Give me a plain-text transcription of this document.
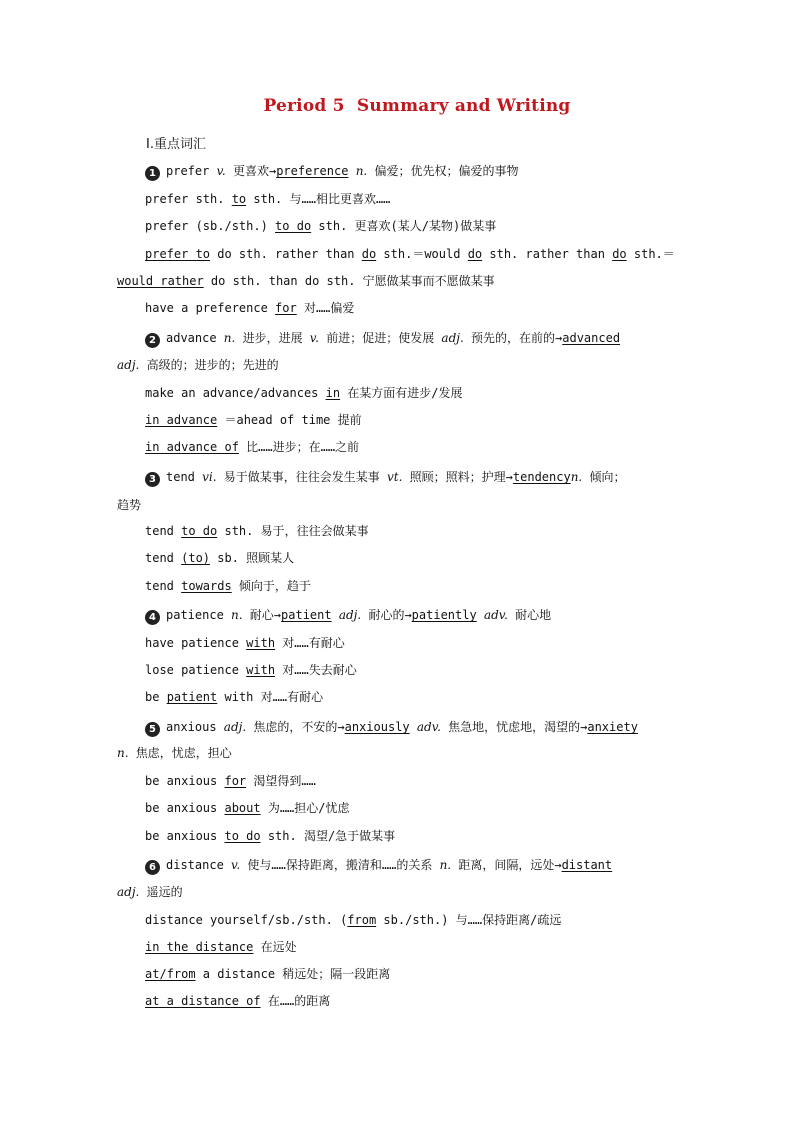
Period 5  Summary and Writing
Ⅰ.重点词汇
1 prefer v. 更喜欢→preference n. 偏爱；优先权；偏爱的事物
prefer sth. to sth. 与……相比更喜欢……
prefer (sb./sth.) to do sth. 更喜欢(某人/某物)做某事
prefer to do sth. rather than do sth.＝would do sth. rather than do sth.＝
would rather do sth. than do sth. 宁愿做某事而不愿做某事
have a preference for 对……偏爱
2 advance n. 进步，进展 v. 前进；促进；使发展 adj. 预先的，在前的→advanced
adj. 高级的；进步的；先进的
make an advance/advances in 在某方面有进步/发展
in advance ＝ahead of time 提前
in advance of 比……进步；在……之前
3 tend vi. 易于做某事，往往会发生某事 vt. 照顾；照料；护理→tendencyn. 倾向；
趋势
tend to do sth. 易于，往往会做某事
tend (to) sb. 照顾某人
tend towards 倾向于，趋于
4 patience n. 耐心→patient adj. 耐心的→patiently adv. 耐心地
have patience with 对……有耐心
lose patience with 对……失去耐心
be patient with 对……有耐心
5 anxious adj. 焦虑的，不安的→anxiously adv. 焦急地，忧虑地，渴望的→anxiety
n. 焦虑，忧虑，担心
be anxious for 渴望得到……
be anxious about 为……担心/忧虑
be anxious to do sth. 渴望/急于做某事
6 distance v. 使与……保持距离，搬清和……的关系 n. 距离，间隔，远处→distant
adj. 遥远的
distance yourself/sb./sth. (from sb./sth.) 与……保持距离/疏远
in the distance 在远处
at/from a distance 稍远处；隔一段距离
at a distance of 在……的距离
